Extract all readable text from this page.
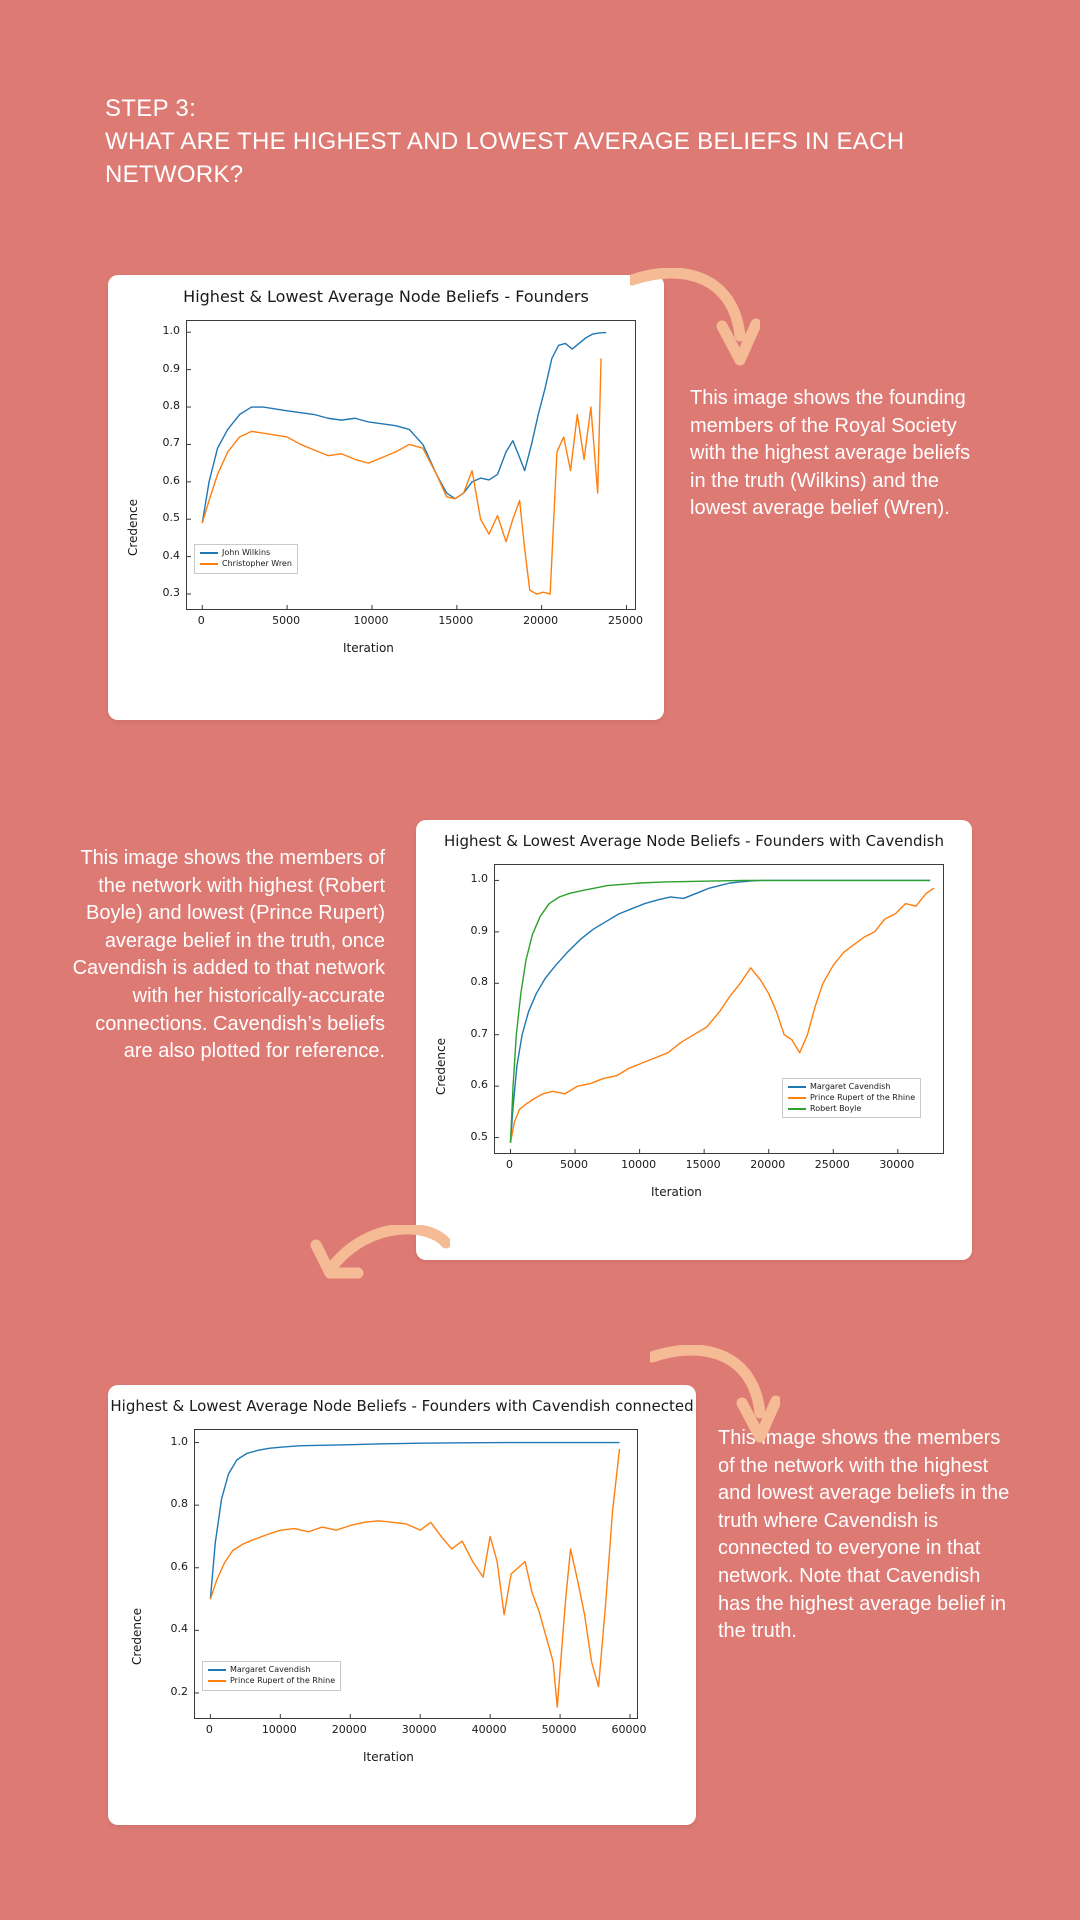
STEP 3:
WHAT ARE THE HIGHEST AND LOWEST AVERAGE BELIEFS IN EACH NETWORK?
Highest & Lowest Average Node Beliefs - Founders
Credence
Iteration
John Wilkins
Christopher Wren
0.3
0.4
0.5
0.6
0.7
0.8
0.9
1.0
0	5000	10000	15000	20000	25000
Highest & Lowest Average Node Beliefs - Founders with Cavendish
Credence
Iteration
Margaret Cavendish
Prince Rupert of the Rhine
Robert Boyle
0.5
0.6
0.7
0.8
0.9
1.0
0	5000	10000	15000	20000	25000	30000
Highest & Lowest Average Node Beliefs - Founders with Cavendish connected
Credence
Iteration
Margaret Cavendish
Prince Rupert of the Rhine
0.2
0.4
0.6
0.8
1.0
0	10000	20000	30000	40000	50000	60000
This image shows the founding members of the Royal Society with the highest average beliefs in the truth (Wilkins) and the lowest average belief (Wren).
This image shows the members of the network with highest (Robert Boyle) and lowest (Prince Rupert) average belief in the truth, once Cavendish is added to that network with her historically-accurate connections. Cavendish’s beliefs are also plotted for reference.
This image shows the members of the network with the highest and lowest average beliefs in the truth where Cavendish is connected to everyone in that network. Note that Cavendish has the highest average belief in the truth.
